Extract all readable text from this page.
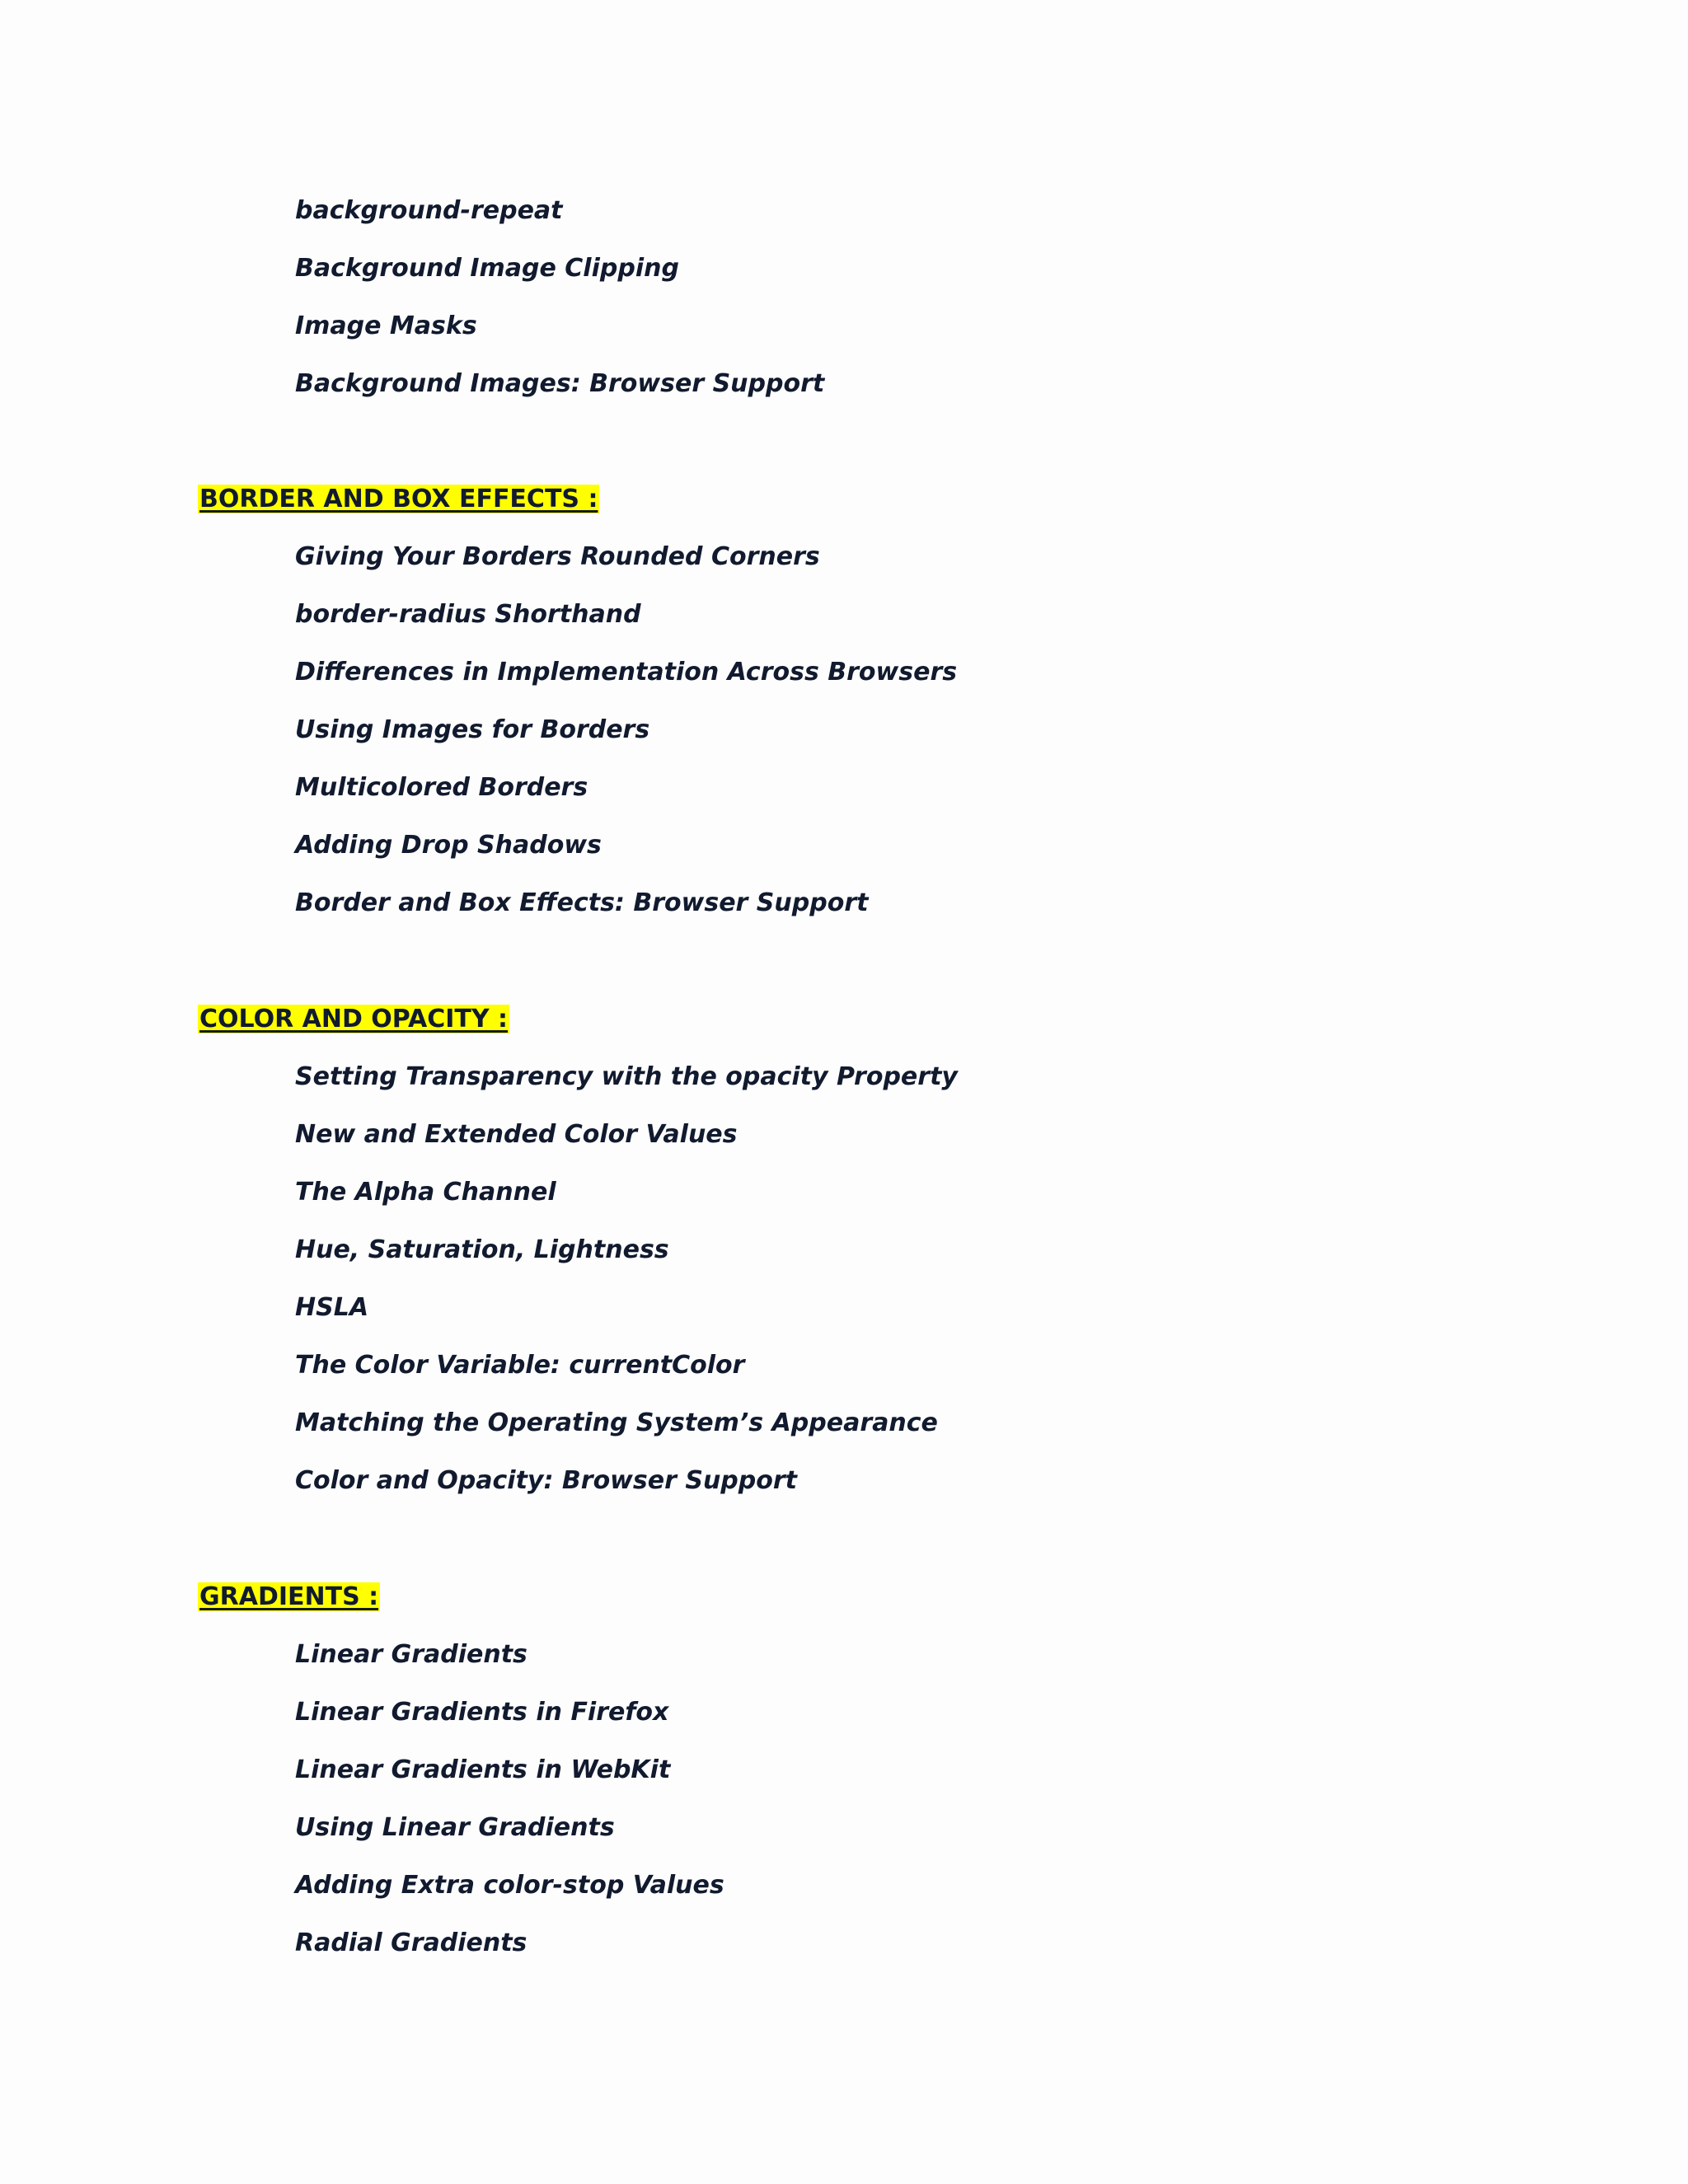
background-repeat
Background Image Clipping
Image Masks
Background Images: Browser Support
BORDER AND BOX EFFECTS :
Giving Your Borders Rounded Corners
border-radius Shorthand
Differences in Implementation Across Browsers
Using Images for Borders
Multicolored Borders
Adding Drop Shadows
Border and Box Effects: Browser Support
COLOR AND OPACITY :
Setting Transparency with the opacity Property
New and Extended Color Values
The Alpha Channel
Hue, Saturation, Lightness
HSLA
The Color Variable: currentColor
Matching the Operating System’s Appearance
Color and Opacity: Browser Support
GRADIENTS :
Linear Gradients
Linear Gradients in Firefox
Linear Gradients in WebKit
Using Linear Gradients
Adding Extra color-stop Values
Radial Gradients
